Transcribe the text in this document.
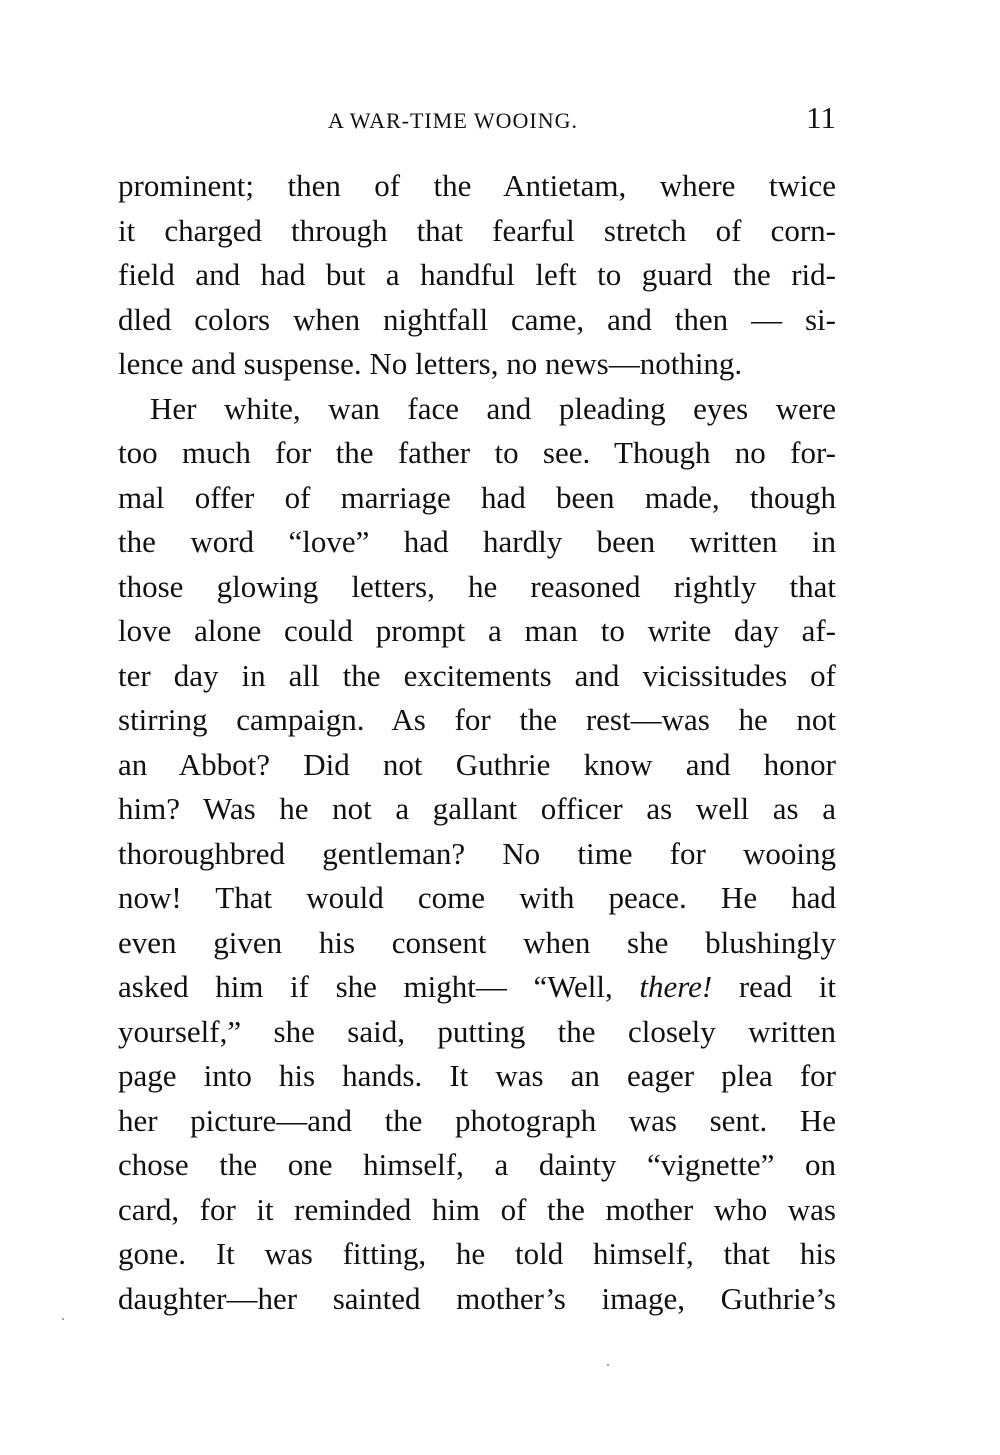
A WAR-TIME WOOING.	11
prominent; then of the Antietam, where twice
it charged through that fearful stretch of corn-
field and had but a handful left to guard the rid-
dled colors when nightfall came, and then — si-
lence and suspense. No letters, no news—nothing.
Her white, wan face and pleading eyes were
too much for the father to see. Though no for-
mal offer of marriage had been made, though
the word “love” had hardly been written in
those glowing letters, he reasoned rightly that
love alone could prompt a man to write day af-
ter day in all the excitements and vicissitudes of
stirring campaign. As for the rest—was he not
an Abbot? Did not Guthrie know and honor
him? Was he not a gallant officer as well as a
thoroughbred gentleman? No time for wooing
now! That would come with peace. He had
even given his consent when she blushingly
asked him if she might— “Well, there! read it
yourself,” she said, putting the closely written
page into his hands. It was an eager plea for
her picture—and the photograph was sent. He
chose the one himself, a dainty “vignette” on
card, for it reminded him of the mother who was
gone. It was fitting, he told himself, that his
daughter—her sainted mother’s image, Guthrie’s
